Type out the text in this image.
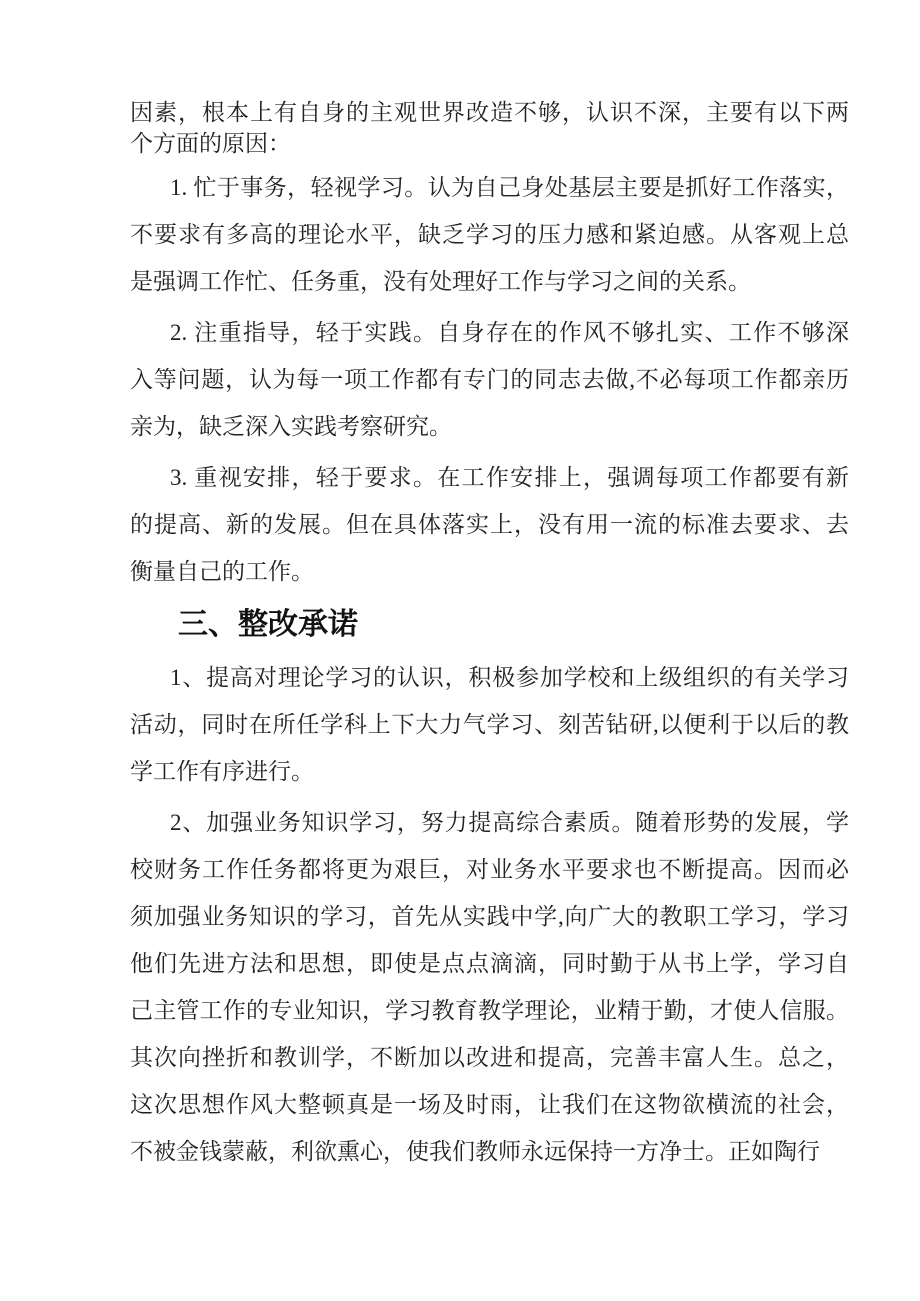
因素，根本上有自身的主观世界改造不够，认识不深，主要有以下两
个方面的原因：
1. 忙于事务，轻视学习。认为自己身处基层主要是抓好工作落实，
不要求有多高的理论水平，缺乏学习的压力感和紧迫感。从客观上总
是强调工作忙、任务重，没有处理好工作与学习之间的关系。
2. 注重指导，轻于实践。自身存在的作风不够扎实、工作不够深
入等问题，认为每一项工作都有专门的同志去做,不必每项工作都亲历
亲为，缺乏深入实践考察研究。
3. 重视安排，轻于要求。在工作安排上，强调每项工作都要有新
的提高、新的发展。但在具体落实上，没有用一流的标准去要求、去
衡量自己的工作。
三、整改承诺
1、提高对理论学习的认识，积极参加学校和上级组织的有关学习
活动，同时在所任学科上下大力气学习、刻苦钻研,以便利于以后的教
学工作有序进行。
2、加强业务知识学习，努力提高综合素质。随着形势的发展，学
校财务工作任务都将更为艰巨，对业务水平要求也不断提高。因而必
须加强业务知识的学习，首先从实践中学,向广大的教职工学习，学习
他们先进方法和思想，即使是点点滴滴，同时勤于从书上学，学习自
己主管工作的专业知识，学习教育教学理论，业精于勤，才使人信服。
其次向挫折和教训学，不断加以改进和提高，完善丰富人生。总之，
这次思想作风大整顿真是一场及时雨，让我们在这物欲横流的社会，
不被金钱蒙蔽，利欲熏心，使我们教师永远保持一方净士。正如陶行
